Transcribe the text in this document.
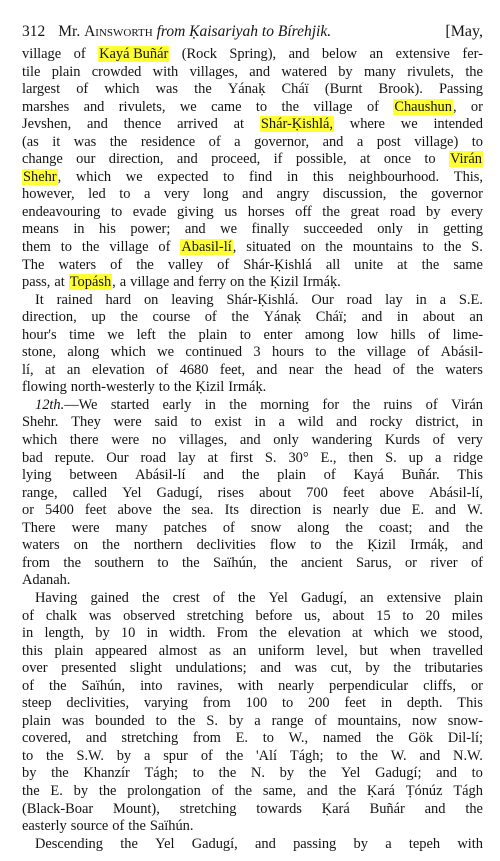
312 Mr. Ainsworth from Ḳaisariyah to Bírehjik.	[May,
village of Kayá Buñár (Rock Spring), and below an extensive fer-
tile plain crowded with villages, and watered by many rivulets, the
largest of which was the Yánaḳ Cháï (Burnt Brook). Passing
marshes and rivulets, we came to the village of Chaushun, or
Jevshen, and thence arrived at Shár-Ḳishlá, where we intended
(as it was the residence of a governor, and a post village) to
change our direction, and proceed, if possible, at once to Virán
Shehr, which we expected to find in this neighbourhood. This,
however, led to a very long and angry discussion, the governor
endeavouring to evade giving us horses off the great road by every
means in his power; and we finally succeeded only in getting
them to the village of Abasil-lí, situated on the mountains to the S.
The waters of the valley of Shár-Ḳishlá all unite at the same
pass, at Topásh, a village and ferry on the Ḳizil Irmáḳ.
It rained hard on leaving Shár-Ḳishlá. Our road lay in a S.E.
direction, up the course of the Yánaḳ Cháï; and in about an
hour's time we left the plain to enter among low hills of lime-
stone, along which we continued 3 hours to the village of Abásil-
lí, at an elevation of 4680 feet, and near the head of the waters
flowing north-westerly to the Ḳizil Irmáḳ.
12th.—We started early in the morning for the ruins of Virán
Shehr. They were said to exist in a wild and rocky district, in
which there were no villages, and only wandering Kurds of very
bad repute. Our road lay at first S. 30° E., then S. up a ridge
lying between Abásil-lí and the plain of Kayá Buñár. This
range, called Yel Gadugí, rises about 700 feet above Abásil-lí,
or 5400 feet above the sea. Its direction is nearly due E. and W.
There were many patches of snow along the coast; and the
waters on the northern declivities flow to the Ḳizil Irmáḳ, and
from the southern to the Saïhún, the ancient Sarus, or river of
Adanah.
Having gained the crest of the Yel Gadugí, an extensive plain
of chalk was observed stretching before us, about 15 to 20 miles
in length, by 10 in width. From the elevation at which we stood,
this plain appeared almost as an uniform level, but when travelled
over presented slight undulations; and was cut, by the tributaries
of the Saïhún, into ravines, with nearly perpendicular cliffs, or
steep declivities, varying from 100 to 200 feet in depth. This
plain was bounded to the S. by a range of mountains, now snow-
covered, and stretching from E. to W., named the Gök Dil-lí;
to the S.W. by a spur of the 'Alí Tágh; to the W. and N.W.
by the Khanzír Tágh; to the N. by the Yel Gadugí; and to
the E. by the prolongation of the same, and the Ḳará Ṭónúz Tágh
(Black-Boar Mount), stretching towards Ḳará Buñár and the
easterly source of the Saïhún.
Descending the Yel Gadugí, and passing by a tepeh with
